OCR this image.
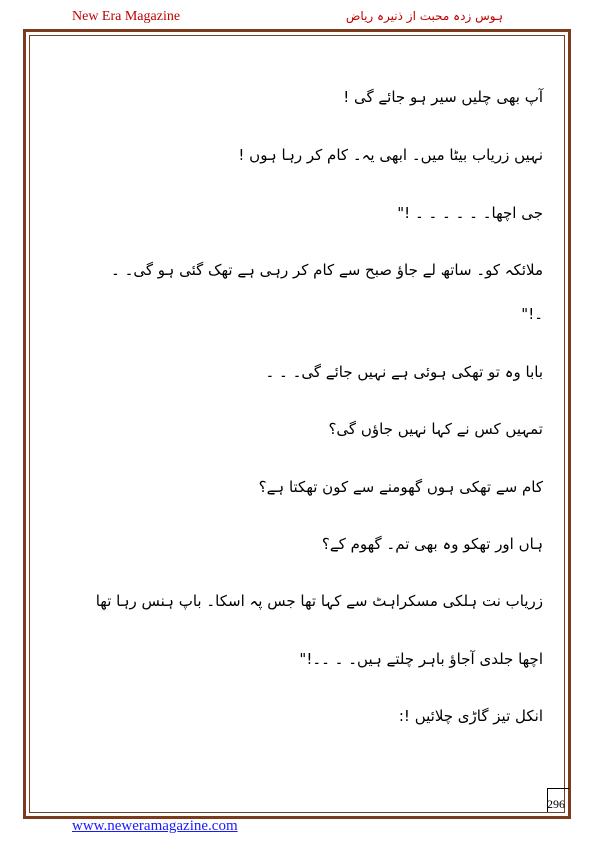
New Era Magazine	ہوس زدہ محبت از ذنیرہ ریاض
آپ بھی چلیں سیر ہو جائے گی !
نہیں زریاب بیٹا میں۔ ابھی یہ۔ کام کر رہا ہوں !
جی اچھا۔ ۔ ۔ ۔ ۔ ۔ !"
ملائکہ کو۔ ساتھ لے جاؤ صبح سے کام کر رہی ہے تھک گئی ہو گی۔ ۔
۔!"
بابا وہ تو تھکی ہوئی ہے نہیں جائے گی۔ ۔ ۔
تمہیں کس نے کہا نہیں جاؤں گی؟
کام سے تھکی ہوں گھومنے سے کون تھکتا ہے؟
ہاں اور تھکو وہ بھی تم۔ گھوم کے؟
زریاب نت ہلکی مسکراہٹ سے کہا تھا جس پہ اسکا۔ باپ ہنس رہا تھا
اچھا جلدی آجاؤ باہر چلتے ہیں۔ ۔ ۔۔!"
انکل تیز گاڑی چلائیں !:
296
www.neweramagazine.com
